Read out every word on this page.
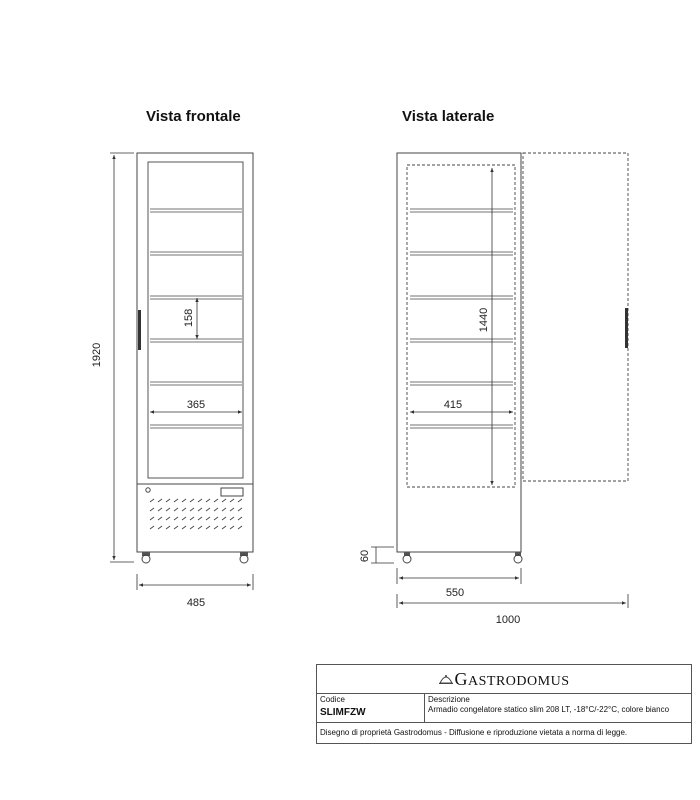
Vista frontale	Vista laterale
1920
158
365
485
1440
415
60
550
1000
GASTRODOMUS
Codice
SLIMFZW
Descrizione
Armadio congelatore statico slim 208 LT, -18°C/-22°C, colore bianco
Disegno di proprietà Gastrodomus - Diffusione e riproduzione vietata a norma di legge.
